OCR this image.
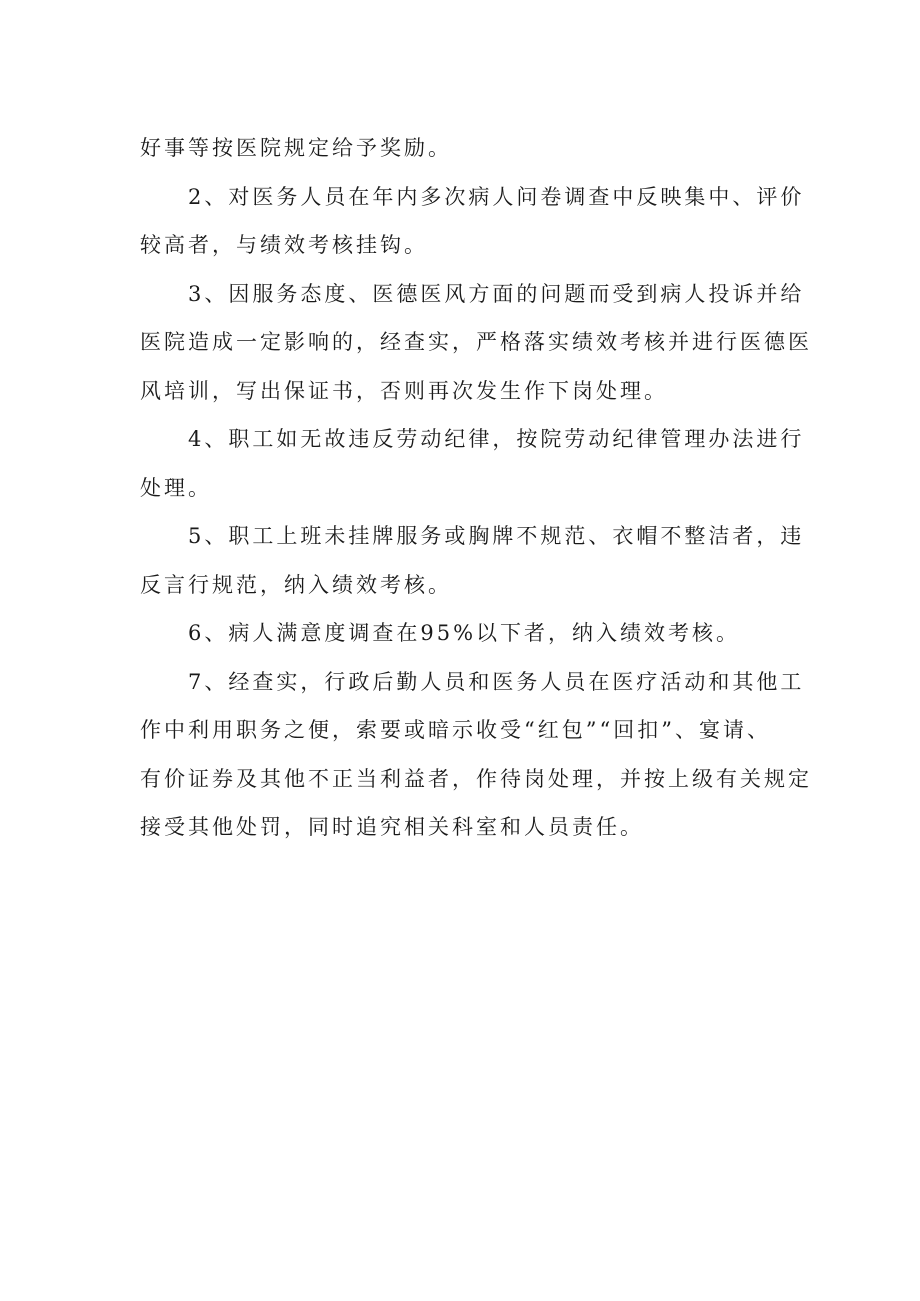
好事等按医院规定给予奖励。
2、对医务人员在年内多次病人问卷调查中反映集中、评价
较高者，与绩效考核挂钩。
3、因服务态度、医德医风方面的问题而受到病人投诉并给
医院造成一定影响的，经查实，严格落实绩效考核并进行医德医
风培训，写出保证书，否则再次发生作下岗处理。
4、职工如无故违反劳动纪律，按院劳动纪律管理办法进行
处理。
5、职工上班未挂牌服务或胸牌不规范、衣帽不整洁者，违
反言行规范，纳入绩效考核。
6、病人满意度调查在95%以下者，纳入绩效考核。
7、经查实，行政后勤人员和医务人员在医疗活动和其他工
作中利用职务之便，索要或暗示收受“红包”“回扣”、宴请、
有价证券及其他不正当利益者，作待岗处理，并按上级有关规定
接受其他处罚，同时追究相关科室和人员责任。
